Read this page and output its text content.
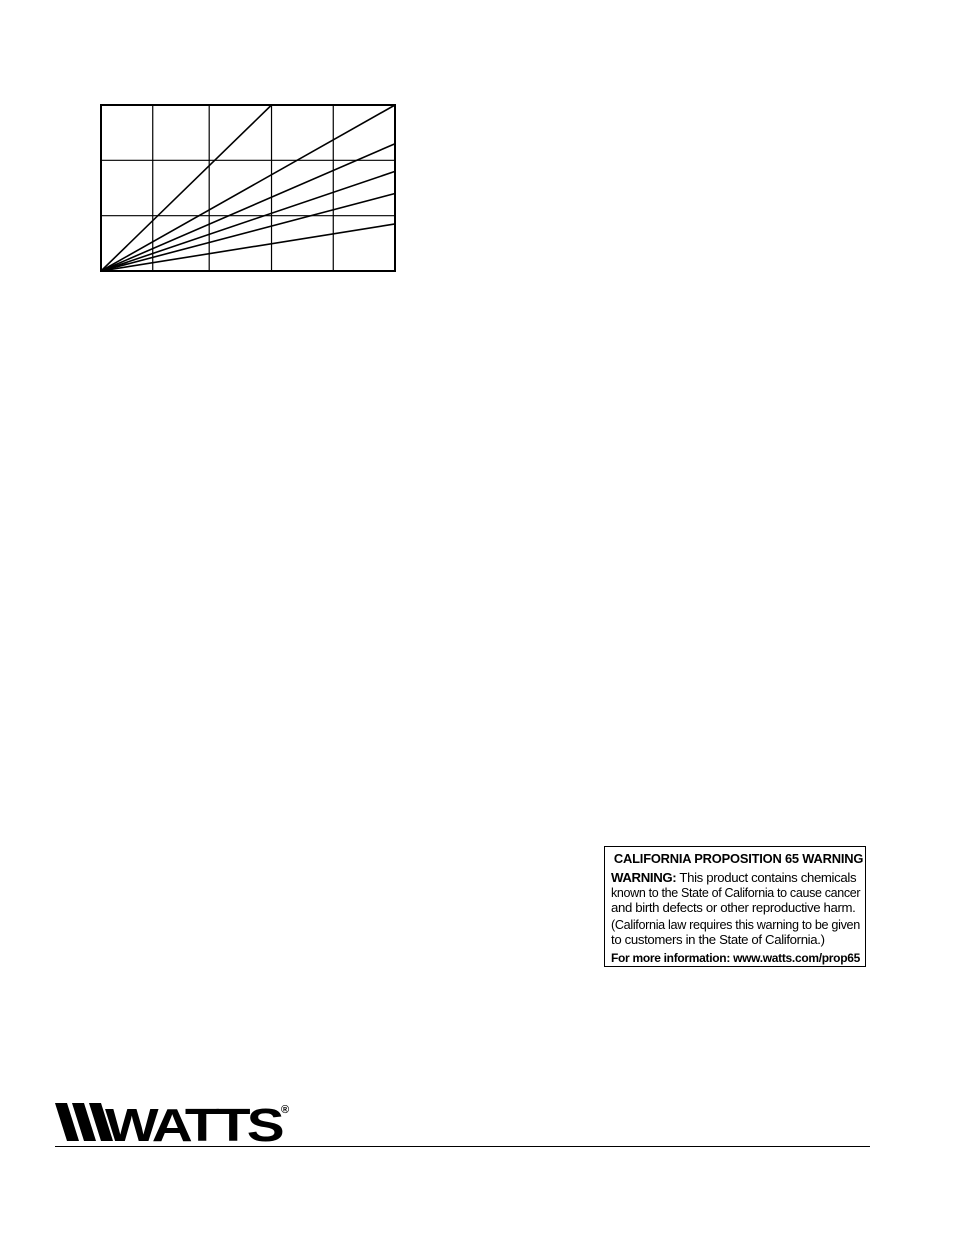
CALIFORNIA PROPOSITION 65 WARNING
WARNING: This product contains chemicals
known to the State of California to cause cancer
and birth defects or other reproductive harm.
(California law requires this warning to be given
to customers in the State of California.)
For more information: www.watts.com/prop65
WATTS
®
